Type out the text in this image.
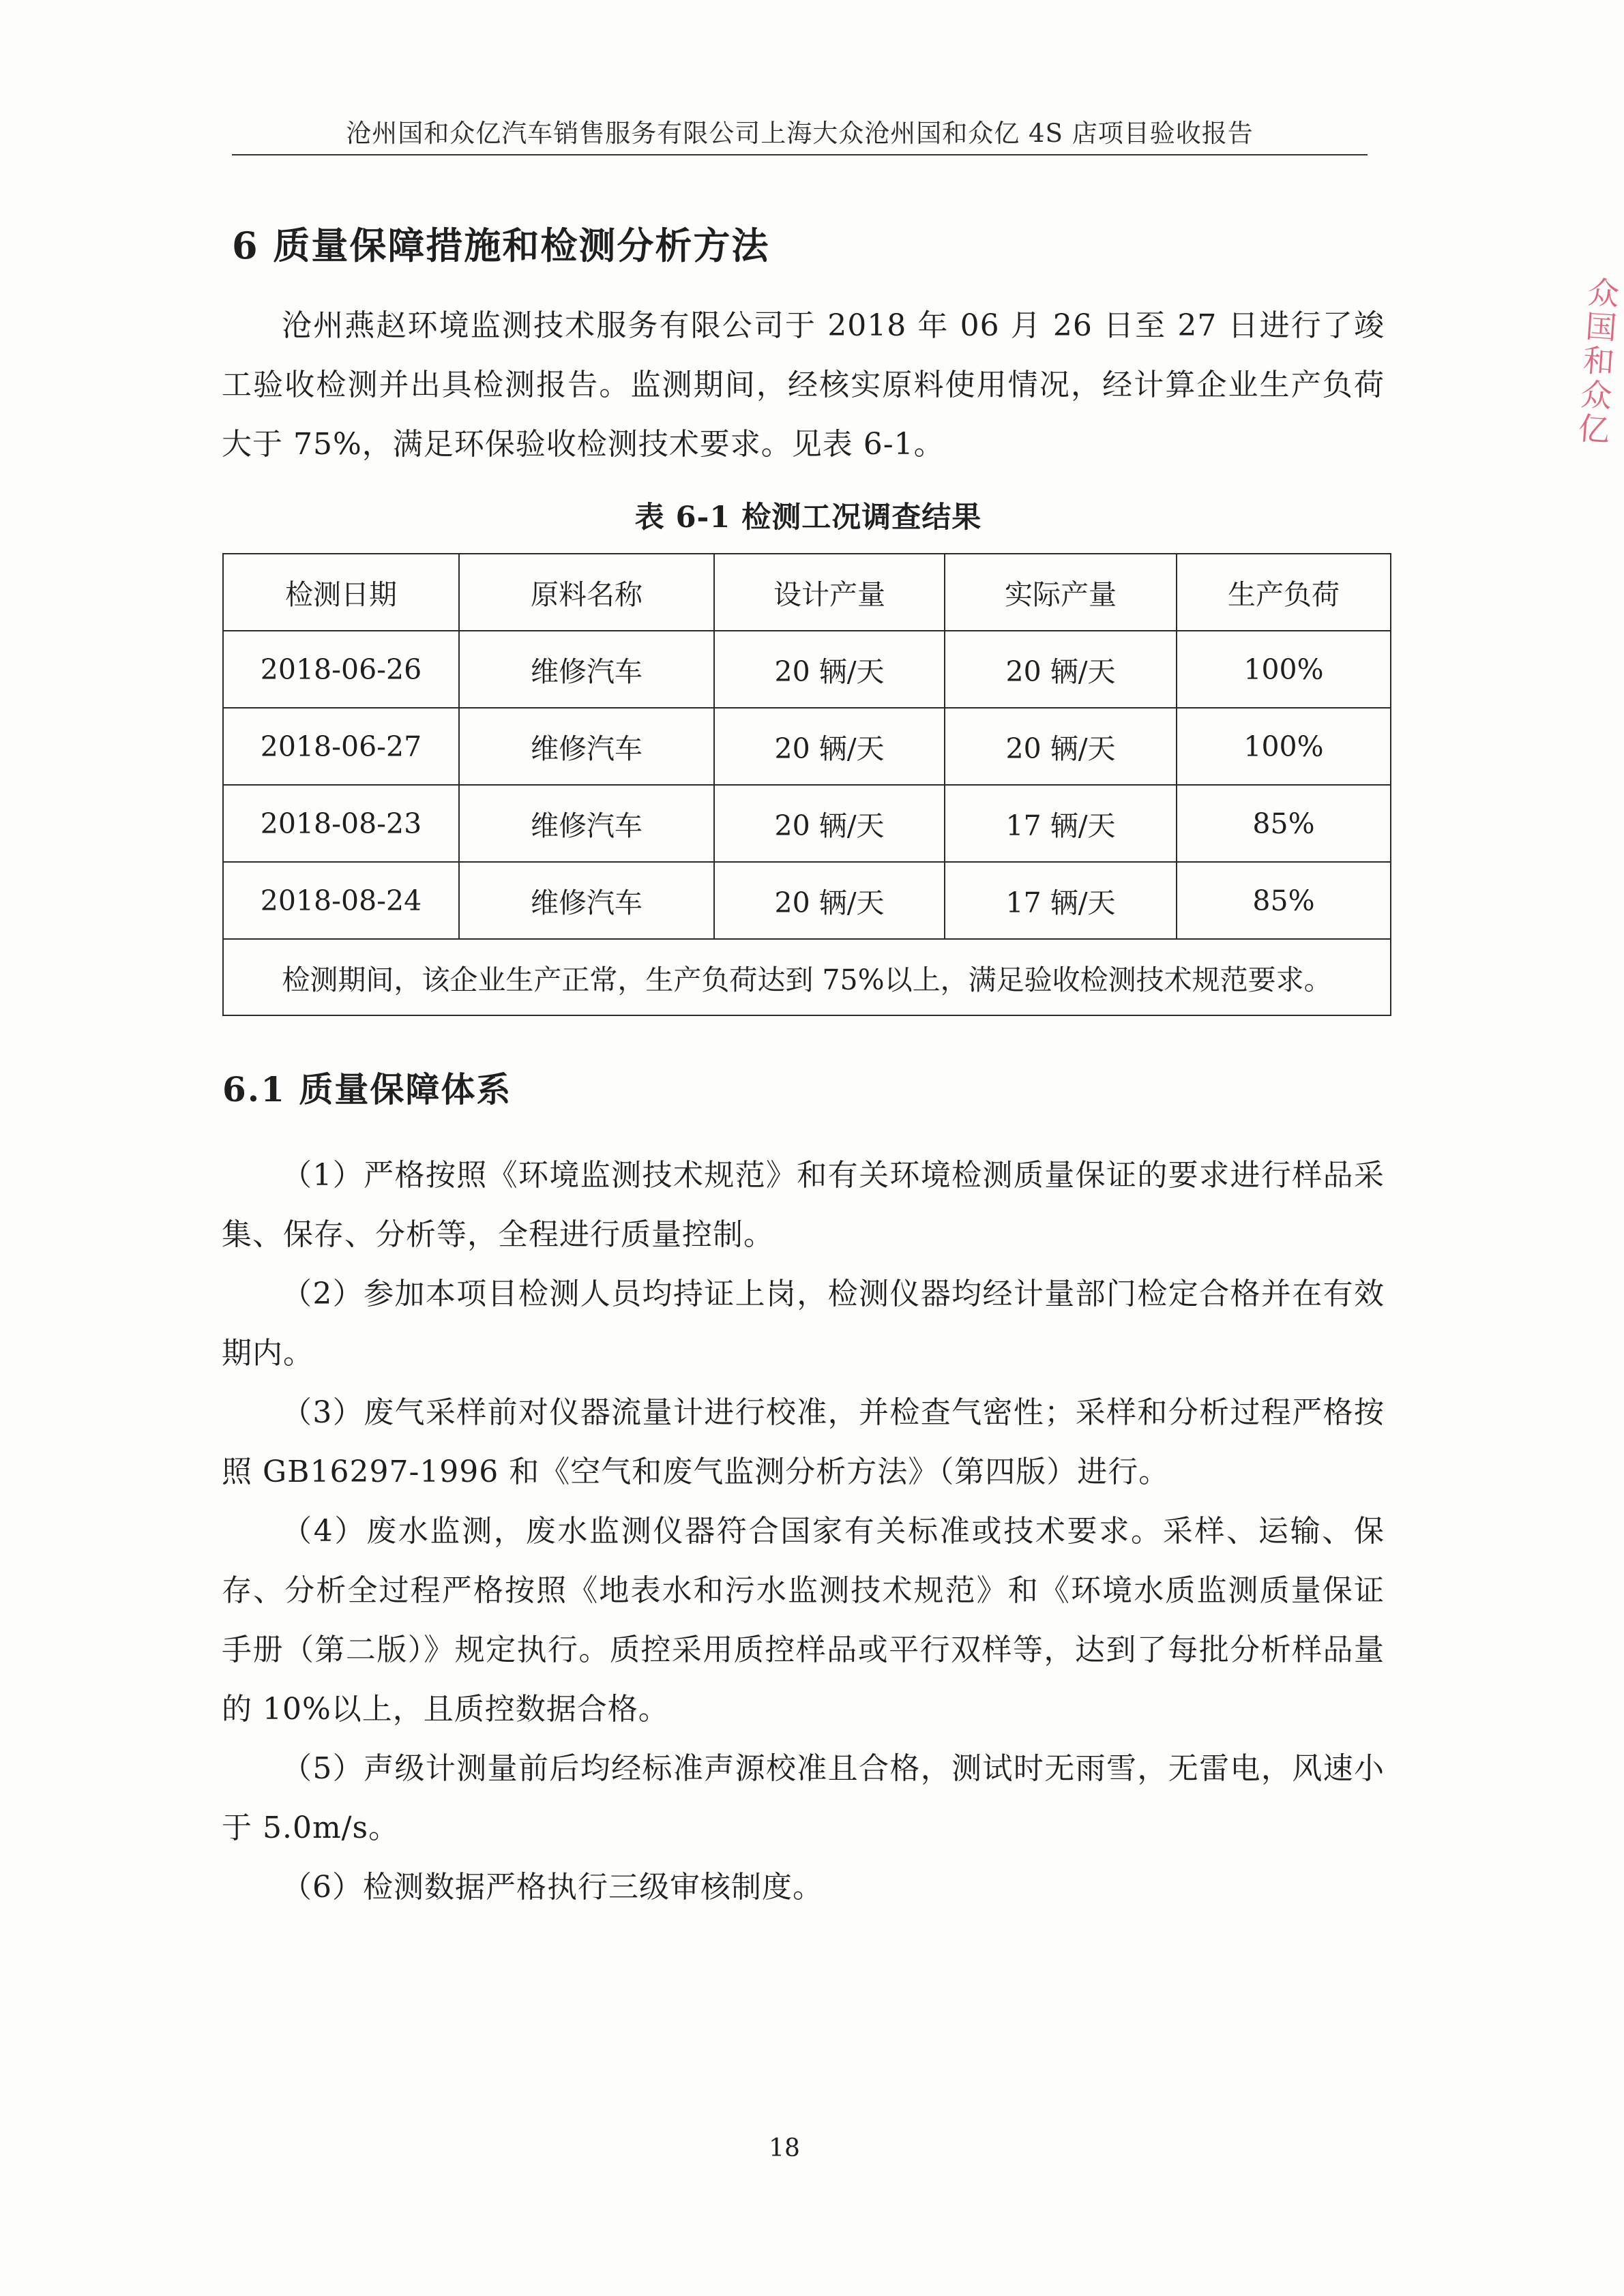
沧州国和众亿汽车销售服务有限公司上海大众沧州国和众亿 4S 店项目验收报告
6 质量保障措施和检测分析方法

沧州燕赵环境监测技术服务有限公司于 2018 年 06 月 26 日至 27 日进行了竣工验收检测并出具检测报告。监测期间，经核实原料使用情况，经计算企业生产负荷大于 75%，满足环保验收检测技术要求。见表 6-1。

表 6-1 检测工况调查结果
检测日期	原料名称	设计产量	实际产量	生产负荷
2018-06-26	维修汽车	20 辆/天	20 辆/天	100%
2018-06-27	维修汽车	20 辆/天	20 辆/天	100%
2018-08-23	维修汽车	20 辆/天	17 辆/天	85%
2018-08-24	维修汽车	20 辆/天	17 辆/天	85%
检测期间，该企业生产正常，生产负荷达到 75%以上，满足验收检测技术规范要求。				
6.1 质量保障体系

（1）严格按照《环境监测技术规范》和有关环境检测质量保证的要求进行样品采集、保存、分析等，全程进行质量控制。

（2）参加本项目检测人员均持证上岗，检测仪器均经计量部门检定合格并在有效期内。

（3）废气采样前对仪器流量计进行校准，并检查气密性；采样和分析过程严格按照 GB16297-1996 和《空气和废气监测分析方法》（第四版）进行。

（4）废水监测，废水监测仪器符合国家有关标准或技术要求。采样、运输、保存、分析全过程严格按照《地表水和污水监测技术规范》和《环境水质监测质量保证手册（第二版）》规定执行。质控采用质控样品或平行双样等，达到了每批分析样品量的 10%以上，且质控数据合格。

（5）声级计测量前后均经标准声源校准且合格，测试时无雨雪，无雷电，风速小于 5.0m/s。

（6）检测数据严格执行三级审核制度。

18
众国和众亿
